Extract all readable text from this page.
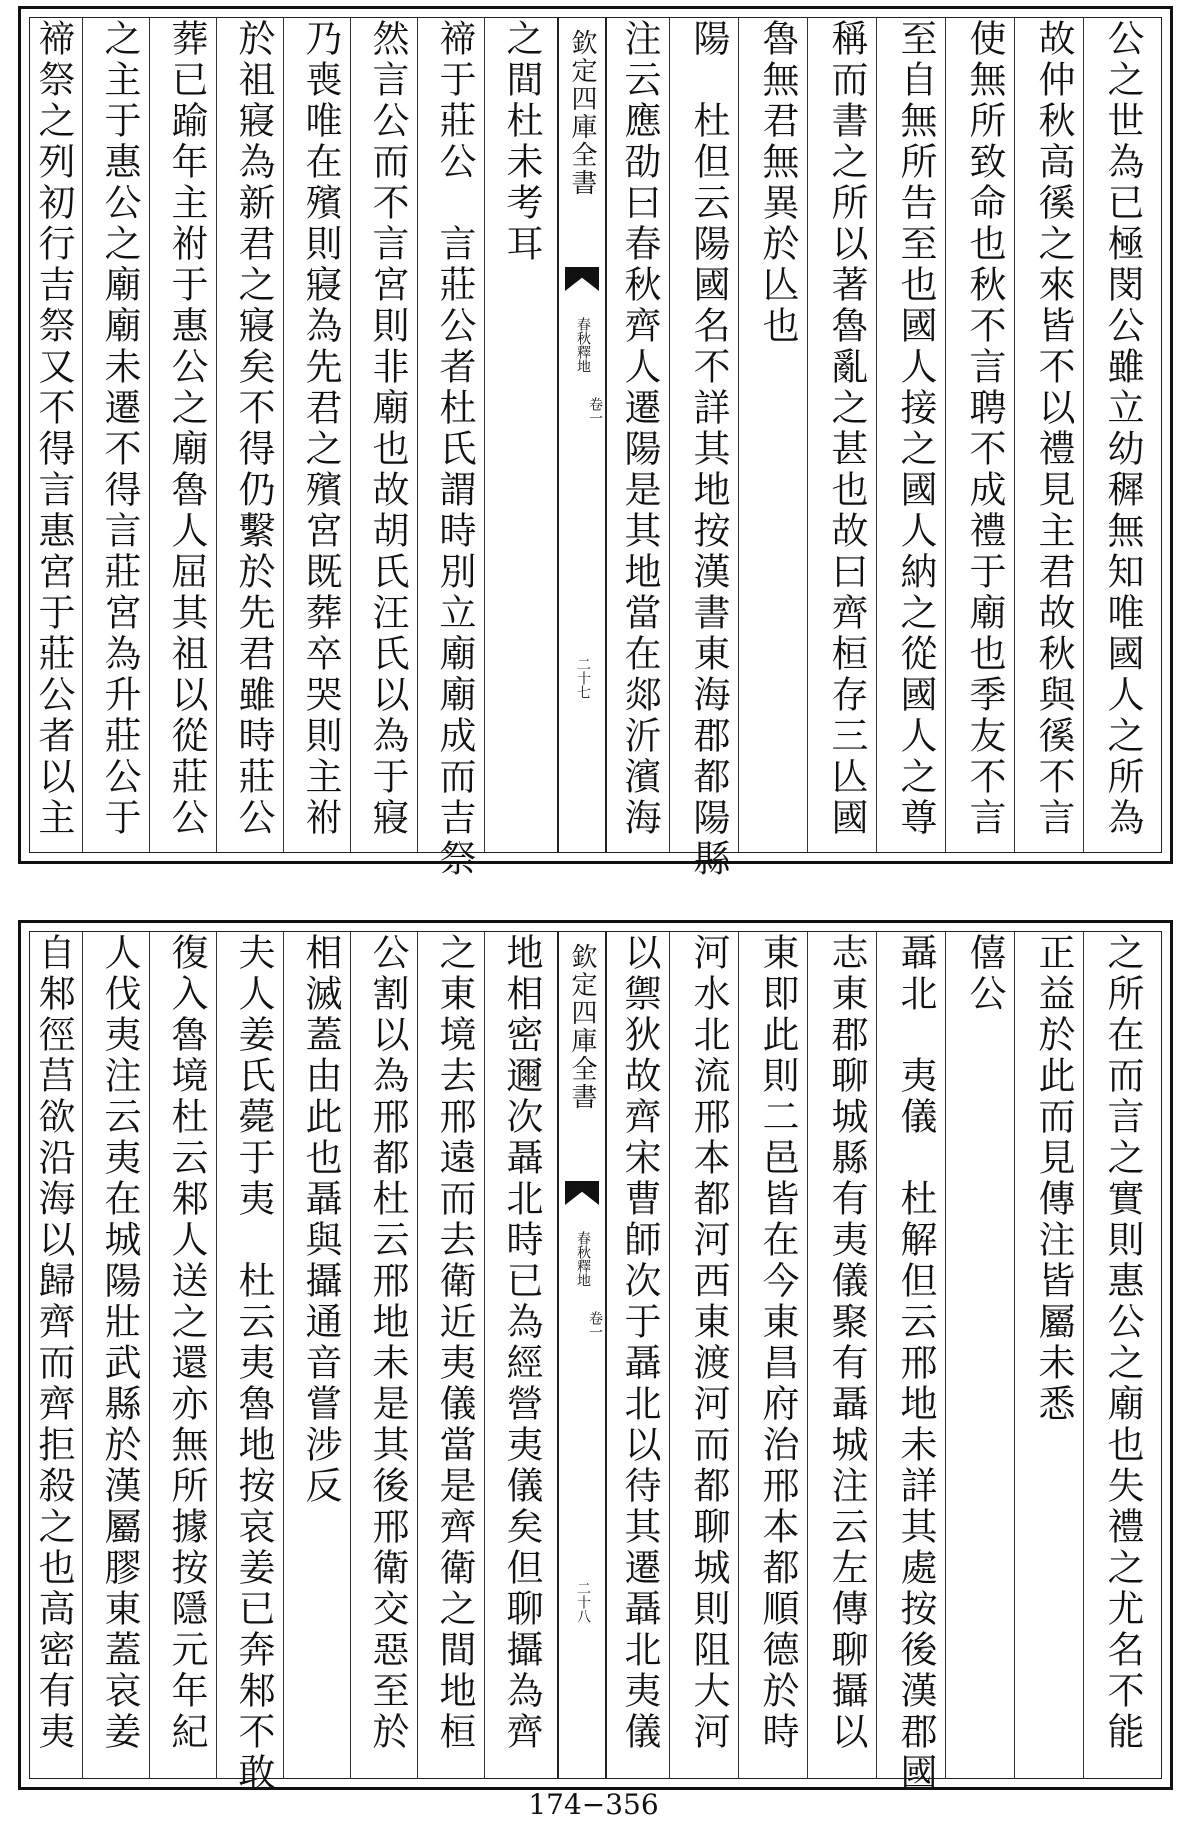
公之世為已極閔公雖立幼穉無知唯國人之所為
故仲秋高徯之來皆不以禮見主君故秋與徯不言
使無所致命也秋不言聘不成禮于廟也季友不言
至自無所告至也國人接之國人納之從國人之尊
稱而書之所以著魯亂之甚也故曰齊桓存三亾國
魯無君無異於亾也
陽　杜但云陽國名不詳其地按漢書東海郡都陽縣
注云應劭曰春秋齊人遷陽是其地當在郯沂濱海
欽定四庫全書
春秋釋地
卷一
二十七
之間杜未考耳
禘于莊公　言莊公者杜氏謂時別立廟廟成而吉祭
然言公而不言宮則非廟也故胡氏汪氏以為于寢
乃喪唯在殯則寢為先君之殯宮既葬卒哭則主祔
於祖寢為新君之寢矣不得仍繫於先君雖時莊公
葬已踰年主祔于惠公之廟魯人屈其祖以從莊公
之主于惠公之廟廟未遷不得言莊宮為升莊公于
禘祭之列初行吉祭又不得言惠宮于莊公者以主
之所在而言之實則惠公之廟也失禮之尤名不能
正益於此而見傳注皆屬未悉
僖公
聶北　夷儀　杜解但云邢地未詳其處按後漢郡國
志東郡聊城縣有夷儀聚有聶城注云左傳聊攝以
東即此則二邑皆在今東昌府治邢本都順德於時
河水北流邢本都河西東渡河而都聊城則阻大河
以禦狄故齊宋曹師次于聶北以待其遷聶北夷儀
欽定四庫全書
春秋釋地
卷一
二十八
地相密邇次聶北時已為經營夷儀矣但聊攝為齊
之東境去邢遠而去衛近夷儀當是齊衛之間地桓
公割以為邢都杜云邢地未是其後邢衛交惡至於
相滅蓋由此也聶與攝通音嘗涉反
夫人姜氏薨于夷　杜云夷魯地按哀姜已奔邾不敢
復入魯境杜云邾人送之還亦無所據按隱元年紀
人伐夷注云夷在城陽壯武縣於漢屬膠東蓋哀姜
自邾徑莒欲沿海以歸齊而齊拒殺之也高密有夷
174−356
